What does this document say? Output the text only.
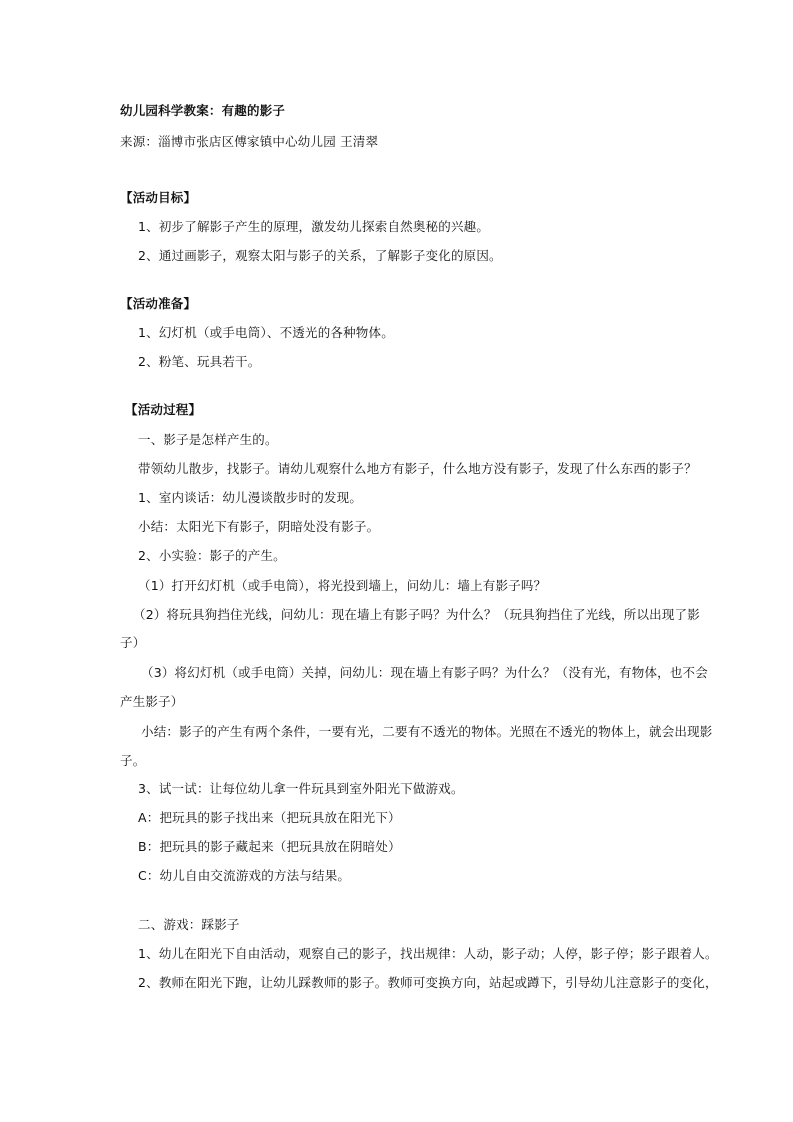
幼儿园科学教案：有趣的影子
来源：淄博市张店区傅家镇中心幼儿园 王清翠
【活动目标】
1、初步了解影子产生的原理，激发幼儿探索自然奥秘的兴趣。
2、通过画影子，观察太阳与影子的关系，了解影子变化的原因。
【活动准备】
1、幻灯机（或手电筒）、不透光的各种物体。
2、粉笔、玩具若干。
【活动过程】
一、影子是怎样产生的。
带领幼儿散步，找影子。请幼儿观察什么地方有影子，什么地方没有影子，发现了什么东西的影子？
1、室内谈话：幼儿漫谈散步时的发现。
小结：太阳光下有影子，阴暗处没有影子。
2、小实验：影子的产生。
（1）打开幻灯机（或手电筒），将光投到墙上，问幼儿：墙上有影子吗？
（2）将玩具狗挡住光线，问幼儿：现在墙上有影子吗？为什么？（玩具狗挡住了光线，所以出现了影
子）
（3）将幻灯机（或手电筒）关掉，问幼儿：现在墙上有影子吗？为什么？（没有光，有物体，也不会
产生影子）
小结：影子的产生有两个条件，一要有光，二要有不透光的物体。光照在不透光的物体上，就会出现影
子。
3、试一试：让每位幼儿拿一件玩具到室外阳光下做游戏。
A：把玩具的影子找出来（把玩具放在阳光下）
B：把玩具的影子藏起来（把玩具放在阴暗处）
C：幼儿自由交流游戏的方法与结果。
二、游戏：踩影子
1、幼儿在阳光下自由活动，观察自己的影子，找出规律：人动，影子动；人停，影子停；影子跟着人。
2、教师在阳光下跑，让幼儿踩教师的影子。教师可变换方向，站起或蹲下，引导幼儿注意影子的变化，
